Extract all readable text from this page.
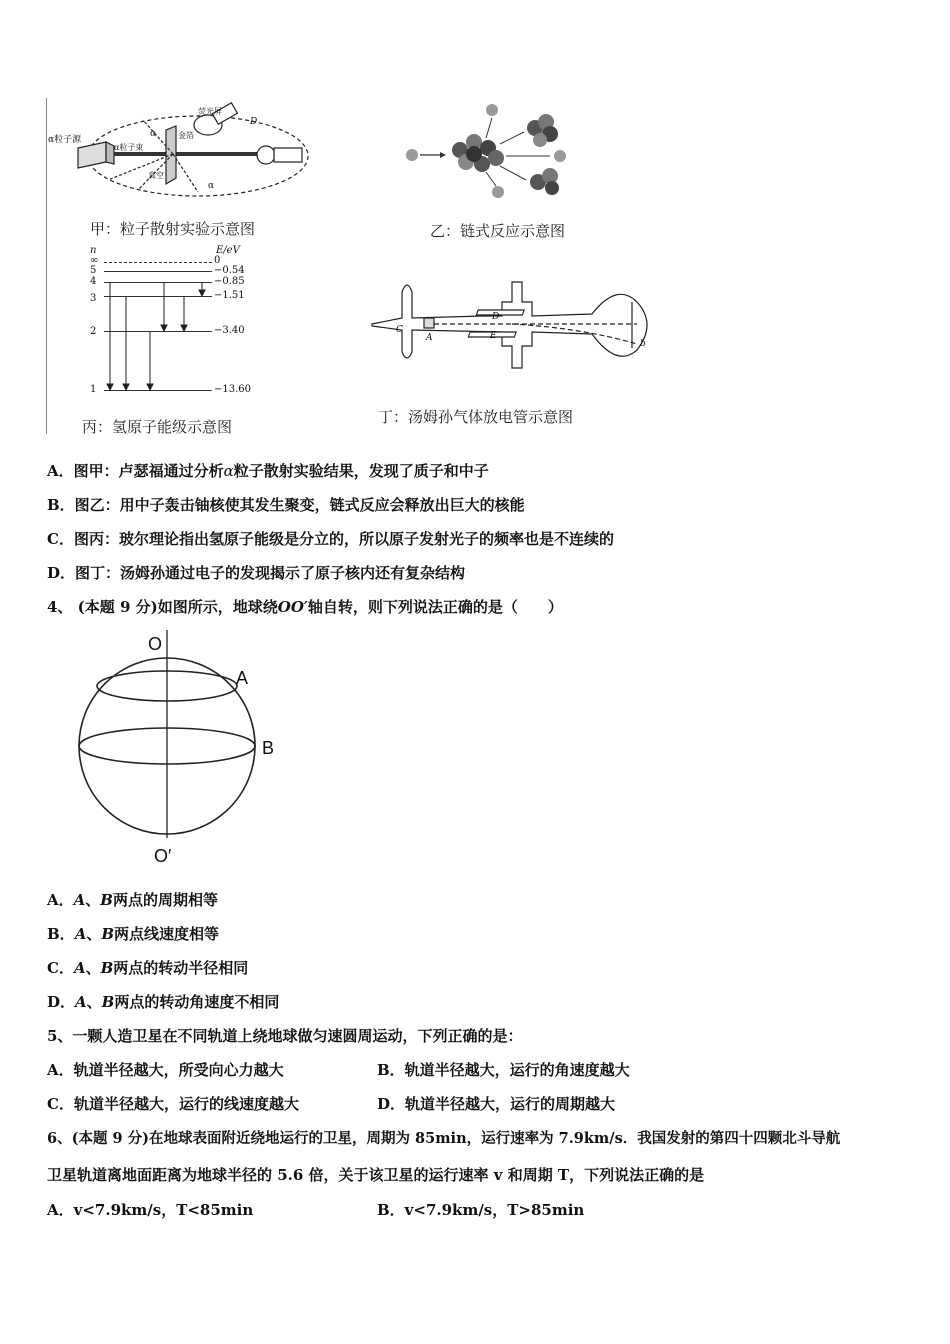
α粒子源
荧光屏
α粒子束
金箔
真空
α
α
D
甲：粒子散射实验示意图	乙：链式反应示意图
n	E/eV
∞	0
5	−0.54
4	−0.85
3	−1.51
2	−3.40
1	−13.60
丙：氢原子能级示意图
C
A
D
E
b
丁：汤姆孙气体放电管示意图
A．图甲：卢瑟福通过分析α粒子散射实验结果，发现了质子和中子
B．图乙：用中子轰击铀核使其发生聚变，链式反应会释放出巨大的核能
C．图丙：玻尔理论指出氢原子能级是分立的，所以原子发射光子的频率也是不连续的
D．图丁：汤姆孙通过电子的发现揭示了原子核内还有复杂结构
4、 (本题 9 分)如图所示，地球绕OO′轴自转，则下列说法正确的是（　　）
O
O′
A
B
A．A、B两点的周期相等
B．A、B两点线速度相等
C．A、B两点的转动半径相同
D．A、B两点的转动角速度不相同
5、一颗人造卫星在不同轨道上绕地球做匀速圆周运动，下列正确的是：
A．轨道半径越大，所受向心力越大	B．轨道半径越大，运行的角速度越大
C．轨道半径越大，运行的线速度越大	D．轨道半径越大，运行的周期越大
6、(本题 9 分)在地球表面附近绕地运行的卫星，周期为 85min，运行速率为 7.9km/s．我国发射的第四十四颗北斗导航
卫星轨道离地面距离为地球半径的 5.6 倍，关于该卫星的运行速率 v 和周期 T，下列说法正确的是
A．v<7.9km/s，T<85min	B．v<7.9km/s，T>85min
